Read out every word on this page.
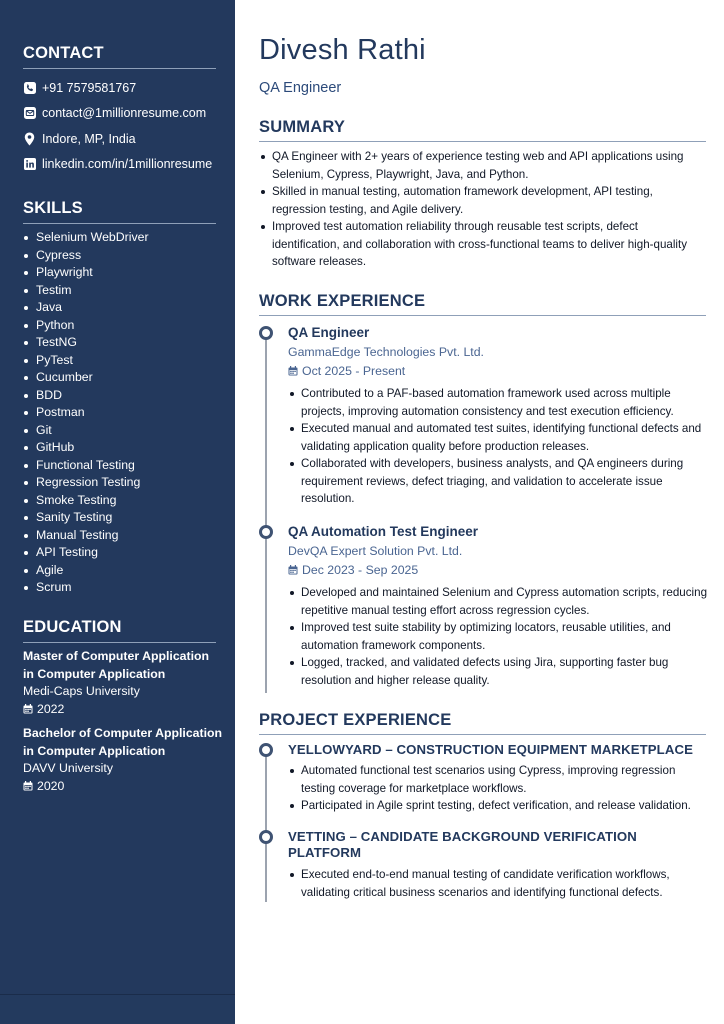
CONTACT
+91 7579581767
contact@1millionresume.com
Indore, MP, India
linkedin.com/in/1millionresume
SKILLS
Selenium WebDriver
Cypress
Playwright
Testim
Java
Python
TestNG
PyTest
Cucumber
BDD
Postman
Git
GitHub
Functional Testing
Regression Testing
Smoke Testing
Sanity Testing
Manual Testing
API Testing
Agile
Scrum
EDUCATION
Master of Computer Application in Computer Application
Medi-Caps University
2022
Bachelor of Computer Application in Computer Application
DAVV University
2020
Divesh Rathi
QA Engineer
SUMMARY
QA Engineer with 2+ years of experience testing web and API applications using Selenium, Cypress, Playwright, Java, and Python.
Skilled in manual testing, automation framework development, API testing, regression testing, and Agile delivery.
Improved test automation reliability through reusable test scripts, defect identification, and collaboration with cross-functional teams to deliver high-quality software releases.
WORK EXPERIENCE
QA Engineer
GammaEdge Technologies Pvt. Ltd.
Oct 2025 - Present
Contributed to a PAF-based automation framework used across multiple projects, improving automation consistency and test execution efficiency.
Executed manual and automated test suites, identifying functional defects and validating application quality before production releases.
Collaborated with developers, business analysts, and QA engineers during requirement reviews, defect triaging, and validation to accelerate issue resolution.
QA Automation Test Engineer
DevQA Expert Solution Pvt. Ltd.
Dec 2023 - Sep 2025
Developed and maintained Selenium and Cypress automation scripts, reducing repetitive manual testing effort across regression cycles.
Improved test suite stability by optimizing locators, reusable utilities, and automation framework components.
Logged, tracked, and validated defects using Jira, supporting faster bug resolution and higher release quality.
PROJECT EXPERIENCE
YELLOWYARD – CONSTRUCTION EQUIPMENT MARKETPLACE
Automated functional test scenarios using Cypress, improving regression testing coverage for marketplace workflows.
Participated in Agile sprint testing, defect verification, and release validation.
VETTING – CANDIDATE BACKGROUND VERIFICATION PLATFORM
Executed end-to-end manual testing of candidate verification workflows, validating critical business scenarios and identifying functional defects.
